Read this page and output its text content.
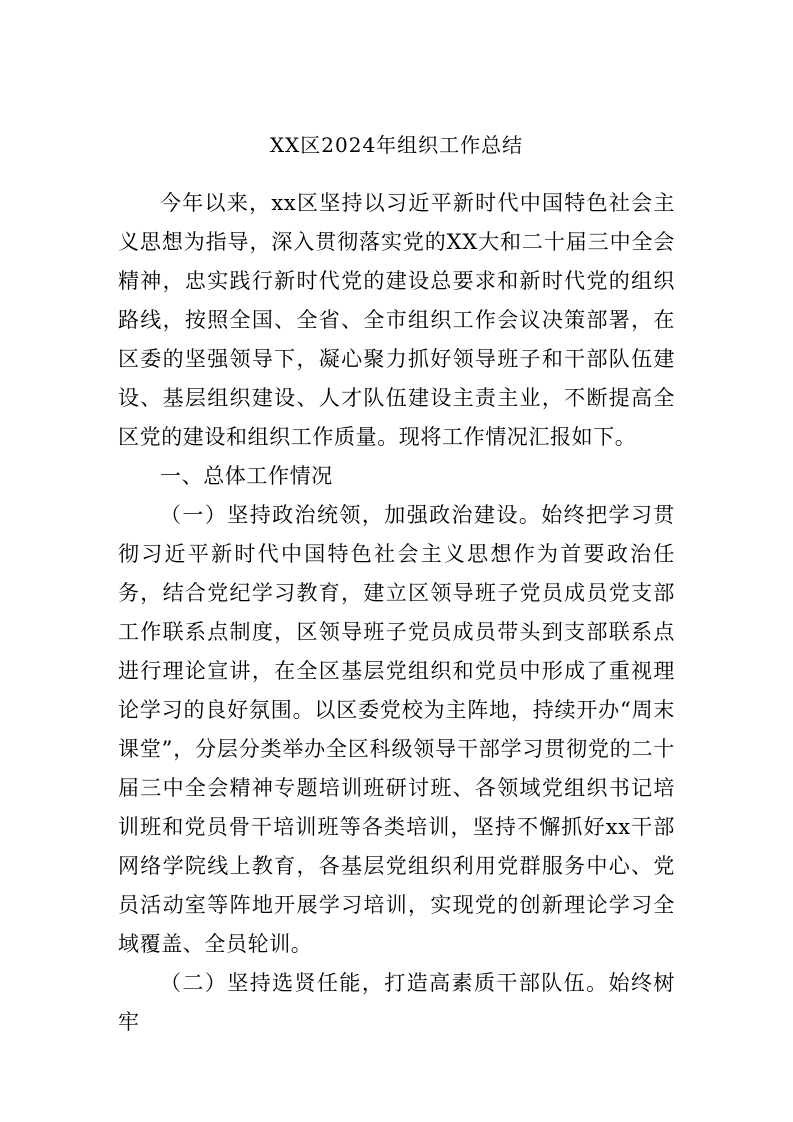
XX区2024年组织工作总结

今年以来，xx区坚持以习近平新时代中国特色社会主义思想为指导，深入贯彻落实党的XX大和二十届三中全会精神，忠实践行新时代党的建设总要求和新时代党的组织路线，按照全国、全省、全市组织工作会议决策部署，在区委的坚强领导下，凝心聚力抓好领导班子和干部队伍建设、基层组织建设、人才队伍建设主责主业，不断提高全区党的建设和组织工作质量。现将工作情况汇报如下。

一、总体工作情况

（一）坚持政治统领，加强政治建设。始终把学习贯彻习近平新时代中国特色社会主义思想作为首要政治任务，结合党纪学习教育，建立区领导班子党员成员党支部工作联系点制度，区领导班子党员成员带头到支部联系点进行理论宣讲，在全区基层党组织和党员中形成了重视理论学习的良好氛围。以区委党校为主阵地，持续开办“周末课堂”，分层分类举办全区科级领导干部学习贯彻党的二十届三中全会精神专题培训班研讨班、各领域党组织书记培训班和党员骨干培训班等各类培训，坚持不懈抓好xx干部网络学院线上教育，各基层党组织利用党群服务中心、党员活动室等阵地开展学习培训，实现党的创新理论学习全域覆盖、全员轮训。

（二）坚持选贤任能，打造高素质干部队伍。始终树牢
